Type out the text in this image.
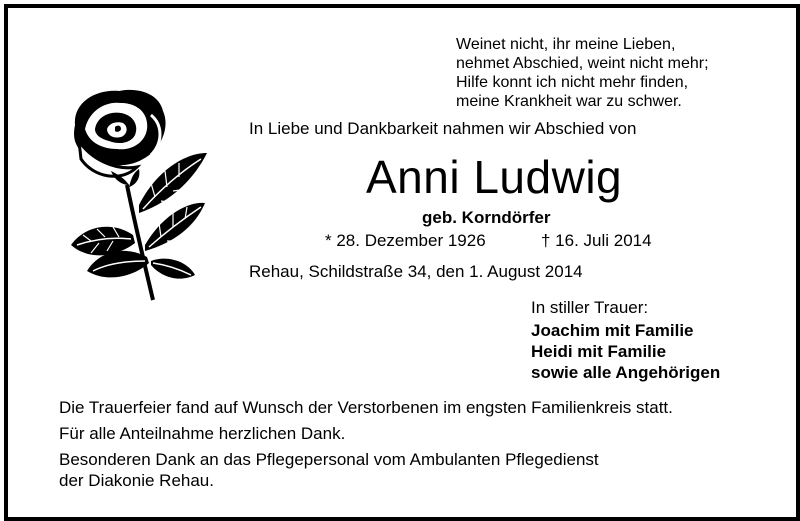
Weinet nicht, ihr meine Lieben,
nehmet Abschied, weint nicht mehr;
Hilfe konnt ich nicht mehr finden,
meine Krankheit war zu schwer.
In Liebe und Dankbarkeit nahmen wir Abschied von
Anni Ludwig
geb. Korndörfer
* 28. Dezember 1926	† 16. Juli 2014
Rehau, Schildstraße 34, den 1. August 2014
In stiller Trauer:
Joachim mit Familie
Heidi mit Familie
sowie alle Angehörigen
Die Trauerfeier fand auf Wunsch der Verstorbenen im engsten Familienkreis statt.
Für alle Anteilnahme herzlichen Dank.
Besonderen Dank an das Pflegepersonal vom Ambulanten Pflegedienst
der Diakonie Rehau.
